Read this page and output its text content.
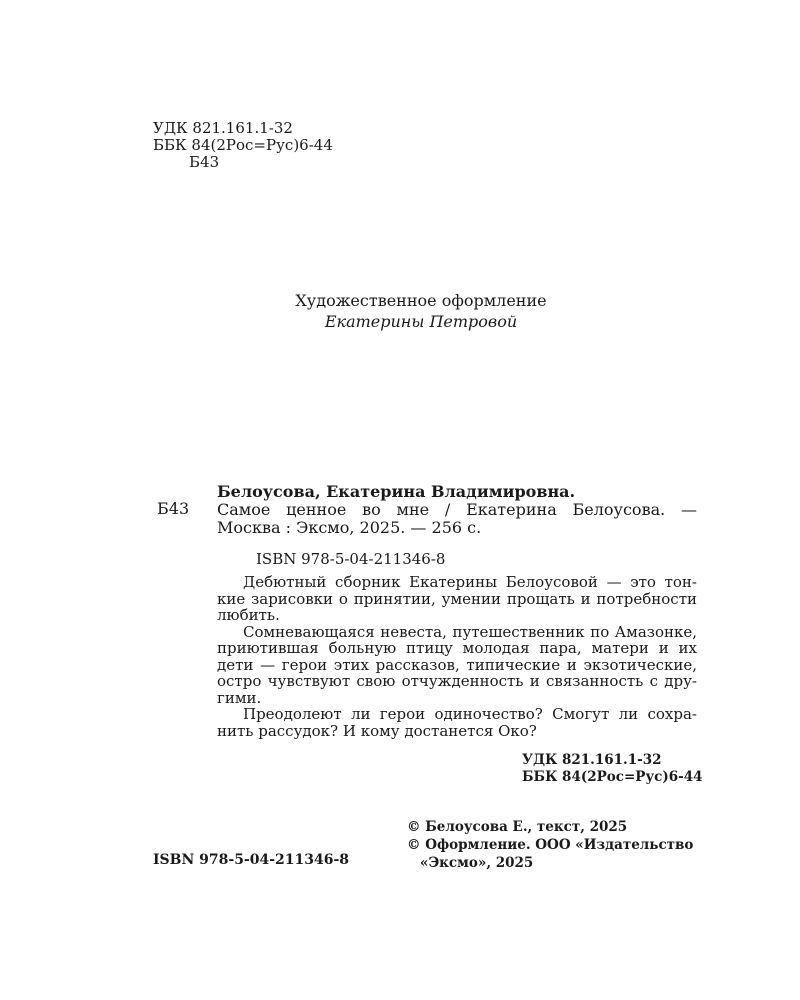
УДК 821.161.1-32
ББК 84(2Рос=Рус)6-44
Б43
Художественное оформление
Екатерины Петровой
Б43
Белоусова, Екатерина Владимировна.
Самое ценное во мне / Екатерина Белоусова. —
Москва : Эксмо, 2025. — 256 с.
ISBN 978-5-04-211346-8
Дебютный сборник Екатерины Белоусовой — это тон-
кие зарисовки о принятии, умении прощать и потребности
любить.
Сомневающаяся невеста, путешественник по Амазонке,
приютившая больную птицу молодая пара, матери и их
дети — герои этих рассказов, типические и экзотические,
остро чувствуют свою отчужденность и связанность с дру-
гими.
Преодолеют ли герои одиночество? Смогут ли сохра-
нить рассудок? И кому достанется Око?
УДК 821.161.1-32
ББК 84(2Рос=Рус)6-44
© Белоусова Е., текст, 2025
© Оформление. ООО «Издательство
«Эксмо», 2025
ISBN 978-5-04-211346-8
